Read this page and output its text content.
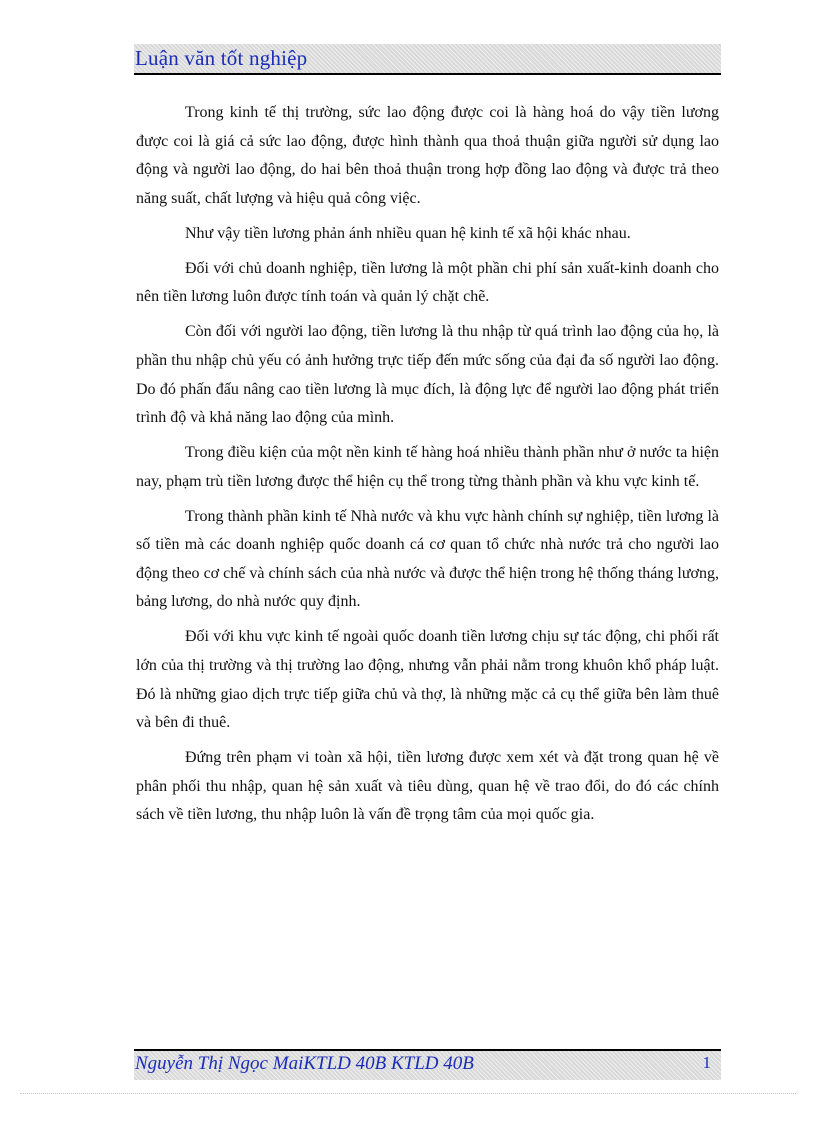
Luận văn tốt nghiệp

Trong kinh tế thị trường, sức lao động được coi là hàng hoá do vậy tiền lương được coi là giá cả sức lao động, được hình thành qua thoả thuận giữa người sử dụng lao động và người lao động, do hai bên thoả thuận trong hợp đồng lao động và được trả theo năng suất, chất lượng và hiệu quả công việc.

Như vậy tiền lương phản ánh nhiều quan hệ kinh tế xã hội khác nhau.

Đối với chủ doanh nghiệp, tiền lương là một phần chi phí sản xuất-kinh doanh cho nên tiền lương luôn được tính toán và quản lý chặt chẽ.

Còn đối với người lao động, tiền lương là thu nhập từ quá trình lao động của họ, là phần thu nhập chủ yếu có ảnh hưởng trực tiếp đến mức sống của đại đa số người lao động. Do đó phấn đấu nâng cao tiền lương là mục đích, là động lực để người lao động phát triển trình độ và khả năng lao động của mình.

Trong điều kiện của một nền kinh tế hàng hoá nhiều thành phần như ở nước ta hiện nay, phạm trù tiền lương được thể hiện cụ thể trong từng thành phần và khu vực kinh tế.

Trong thành phần kinh tế Nhà nước và khu vực hành chính sự nghiệp, tiền lương là số tiền mà các doanh nghiệp quốc doanh cá cơ quan tổ chức nhà nước trả cho người lao động theo cơ chế và chính sách của nhà nước và được thể hiện trong hệ thống tháng lương, bảng lương, do nhà nước quy định.

Đối với khu vực kinh tế ngoài quốc doanh tiền lương chịu sự tác động, chi phối rất lớn của thị trường và thị trường lao động, nhưng vẫn phải nằm trong khuôn khổ pháp luật. Đó là những giao dịch trực tiếp giữa chủ và thợ, là những mặc cả cụ thể giữa bên làm thuê và bên đi thuê.

Đứng trên phạm vi toàn xã hội, tiền lương được xem xét và đặt trong quan hệ về phân phối thu nhập, quan hệ sản xuất và tiêu dùng, quan hệ về trao đổi, do đó các chính sách về tiền lương, thu nhập luôn là vấn đề trọng tâm của mọi quốc gia.

Nguyễn Thị Ngọc MaiKTLD 40B KTLD 40B	1
